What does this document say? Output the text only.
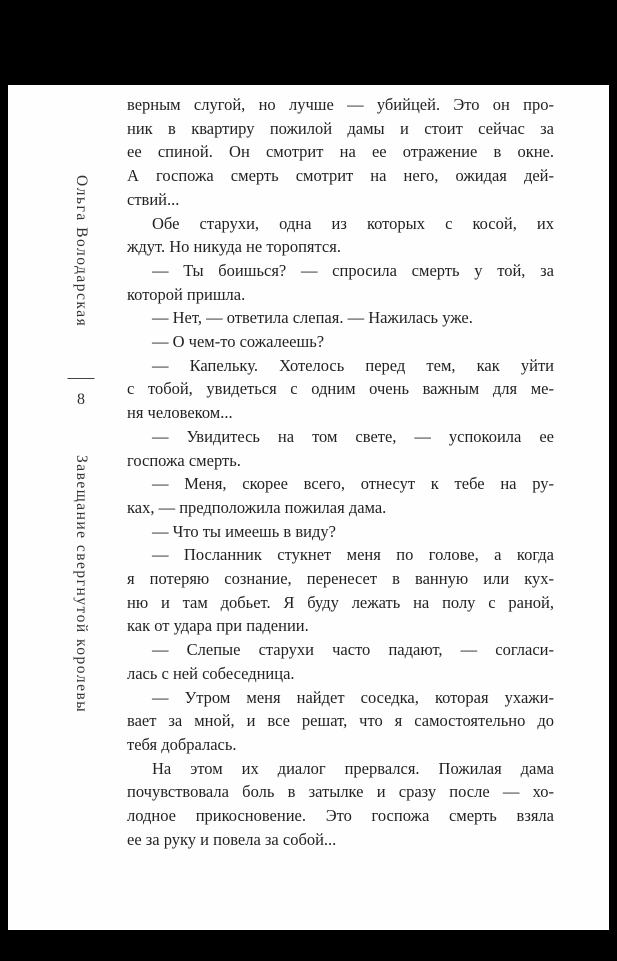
Ольга Володарская
8
Завещание свергнутой королевы
верным слугой, но лучше — убийцей. Это он про-
ник в квартиру пожилой дамы и стоит сейчас за
ее спиной. Он смотрит на ее отражение в окне.
А госпожа смерть смотрит на него, ожидая дей-
ствий...
Обе старухи, одна из которых с косой, их
ждут. Но никуда не торопятся.
— Ты боишься? — спросила смерть у той, за
которой пришла.
— Нет, — ответила слепая. — Нажилась уже.
— О чем-то сожалеешь?
— Капельку. Хотелось перед тем, как уйти
с тобой, увидеться с одним очень важным для ме-
ня человеком...
— Увидитесь на том свете, — успокоила ее
госпожа смерть.
— Меня, скорее всего, отнесут к тебе на ру-
ках, — предположила пожилая дама.
— Что ты имеешь в виду?
— Посланник стукнет меня по голове, а когда
я потеряю сознание, перенесет в ванную или кух-
ню и там добьет. Я буду лежать на полу с раной,
как от удара при падении.
— Слепые старухи часто падают, — согласи-
лась с ней собеседница.
— Утром меня найдет соседка, которая ухажи-
вает за мной, и все решат, что я самостоятельно до
тебя добралась.
На этом их диалог прервался. Пожилая дама
почувствовала боль в затылке и сразу после — хо-
лодное прикосновение. Это госпожа смерть взяла
ее за руку и повела за собой...
